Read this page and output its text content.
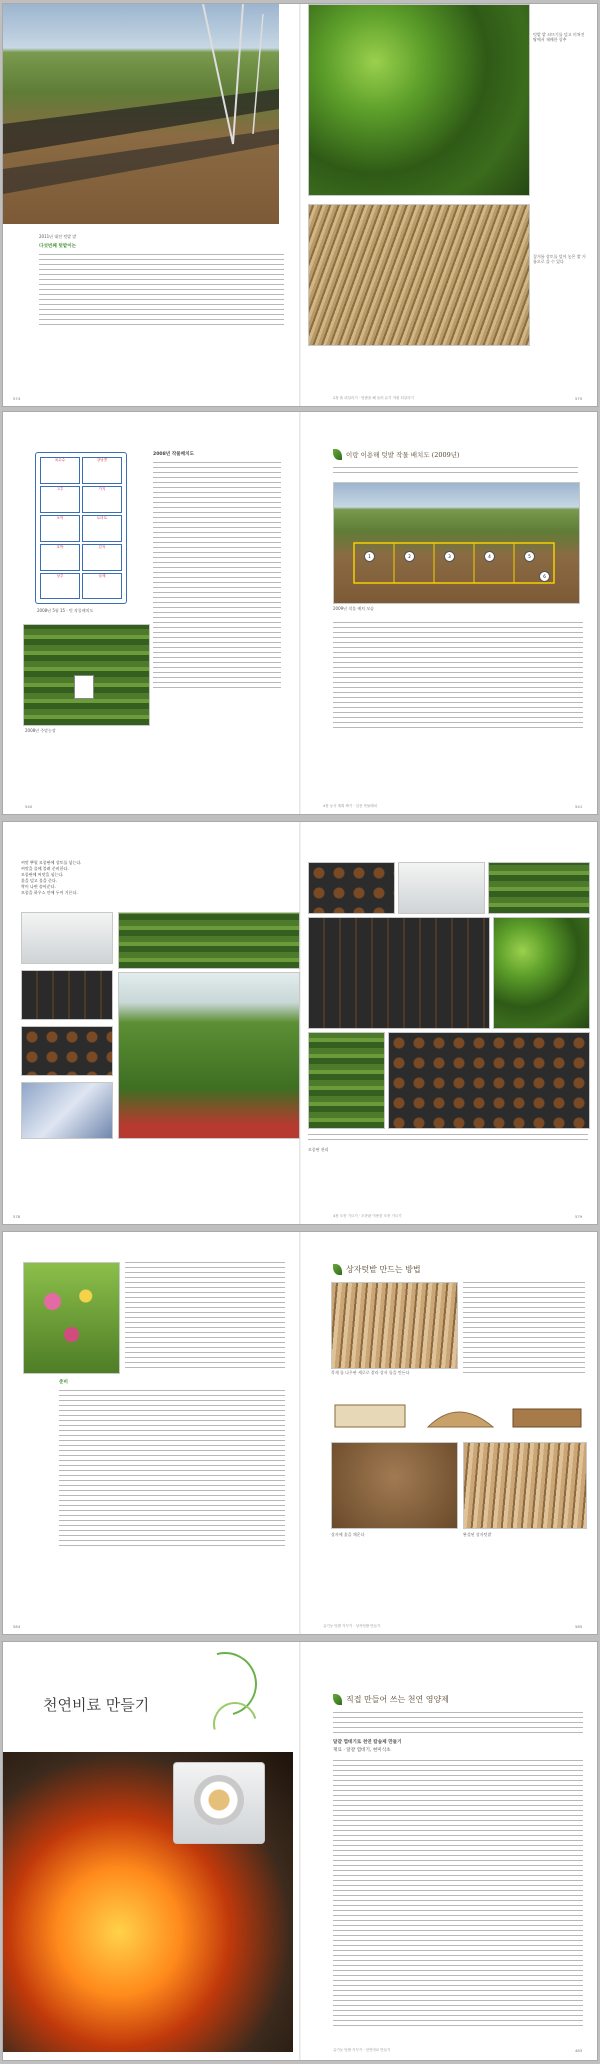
2011년 대전 텃밭 밭
다섯번째 텃밭이는
텃밭 밭 쇠뜨기를 덮고 미쳐진 땅에서 재배한 상추
짚거름 상토를 덮어 놓은 밭 거름으로 쓸 수 있다
574	2장 흙 되살리기 · 텃밭을 해 들어 유기 자원 되살리기	575
옥수수	강낭콩
고추	가지
오이	토마토
호박	감자
상추	들깨
2008년 5월 15 · 텃 작물배치도
2008년 작물배치도
2008년 주말농장
이랑 이용해 텃밭 작물 배치도 (2009년)
1	2	3	4	5
6
2009년 작물 배치 모습
540	4장 농사 계획 짜기 · 실전 작물배치	541
씨앗 뿌릴 모종판에 상토를 넣는다.
씨앗을 물에 불려 준비한다.
모종판에 씨앗을 심는다.
흙을 덮고 물을 준다.
싹이 나면 솎아준다.
모종을 하우스 안에 두어 기른다.
모종판 관리
578	4장 모종 기르기 · 모종판 이용한 모종 기르기	579
준비
상자텃밭 만드는 방법
목재 틀 나무판 세로로 잘라 상자 틀을 만든다
상자에 흙을 채운다	완성된 상자텃밭
584	유기농 텃밭 가꾸기 · 상자텃밭 만들기	585
천연비료 만들기	직접 만들어 쓰는 천연 영양제
달걀 껍데기로 천연 칼슘제 만들기
재료 · 달걀 껍데기, 현미식초
유기농 텃밭 가꾸기 · 천연비료 만들기	483
